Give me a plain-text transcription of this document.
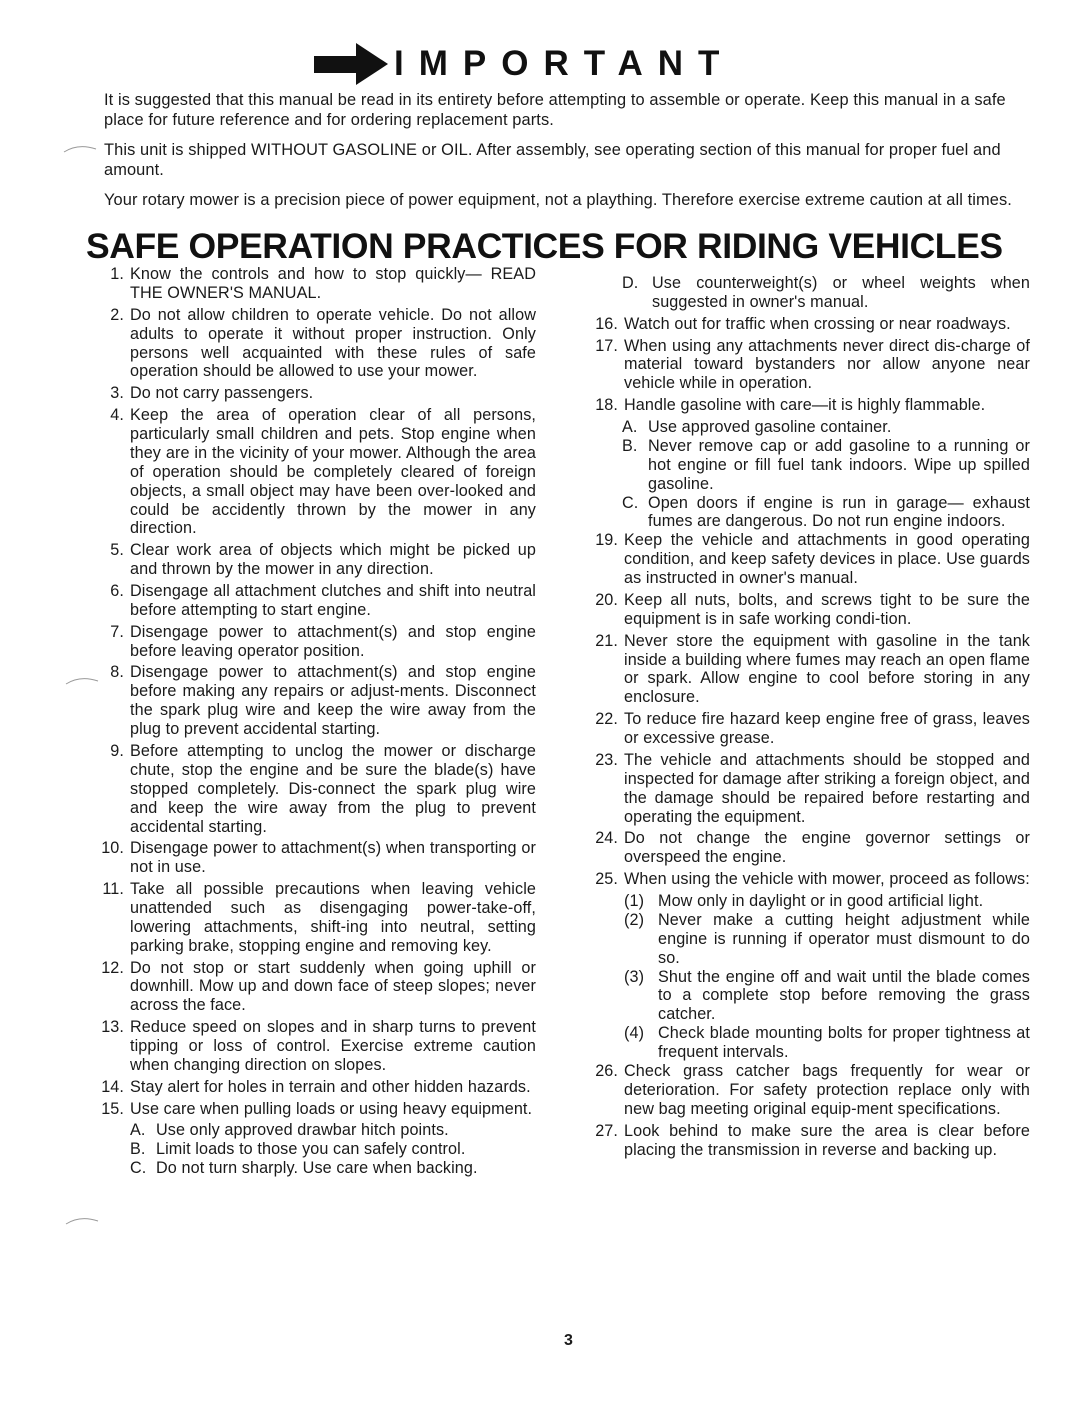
IMPORTANT

It is suggested that this manual be read in its entirety before attempting to assemble or operate. Keep this manual in a safe place for future reference and for ordering replacement parts.

This unit is shipped WITHOUT GASOLINE or OIL. After assembly, see operating section of this manual for proper fuel and amount.

Your rotary mower is a precision piece of power equipment, not a plaything. Therefore exercise extreme caution at all times.

SAFE OPERATION PRACTICES FOR RIDING VEHICLES
1. Know the controls and how to stop quickly— READ THE OWNER'S MANUAL.
2. Do not allow children to operate vehicle. Do not allow adults to operate it without proper instruction. Only persons well acquainted with these rules of safe operation should be allowed to use your mower.
3. Do not carry passengers.
4. Keep the area of operation clear of all persons, particularly small children and pets. Stop engine when they are in the vicinity of your mower. Although the area of operation should be completely cleared of foreign objects, a small object may have been over-looked and could be accidently thrown by the mower in any direction.
5. Clear work area of objects which might be picked up and thrown by the mower in any direction.
6. Disengage all attachment clutches and shift into neutral before attempting to start engine.
7. Disengage power to attachment(s) and stop engine before leaving operator position.
8. Disengage power to attachment(s) and stop engine before making any repairs or adjust-ments. Disconnect the spark plug wire and keep the wire away from the plug to prevent accidental starting.
9. Before attempting to unclog the mower or discharge chute, stop the engine and be sure the blade(s) have stopped completely. Dis-connect the spark plug wire and keep the wire away from the plug to prevent accidental starting.
10. Disengage power to attachment(s) when transporting or not in use.
11. Take all possible precautions when leaving vehicle unattended such as disengaging power-take-off, lowering attachments, shift-ing into neutral, setting parking brake, stopping engine and removing key.
12. Do not stop or start suddenly when going uphill or downhill. Mow up and down face of steep slopes; never across the face.
13. Reduce speed on slopes and in sharp turns to prevent tipping or loss of control. Exercise extreme caution when changing direction on slopes.
14. Stay alert for holes in terrain and other hidden hazards.
15. Use care when pulling loads or using heavy equipment.
A. Use only approved drawbar hitch points.
B. Limit loads to those you can safely control.
C. Do not turn sharply. Use care when backing.
D. Use counterweight(s) or wheel weights when suggested in owner's manual.
16. Watch out for traffic when crossing or near roadways.
17. When using any attachments never direct dis-charge of material toward bystanders nor allow anyone near vehicle while in operation.
18. Handle gasoline with care—it is highly flammable.
A. Use approved gasoline container.
B. Never remove cap or add gasoline to a running or hot engine or fill fuel tank indoors. Wipe up spilled gasoline.
C. Open doors if engine is run in garage— exhaust fumes are dangerous. Do not run engine indoors.
19. Keep the vehicle and attachments in good operating condition, and keep safety devices in place. Use guards as instructed in owner's manual.
20. Keep all nuts, bolts, and screws tight to be sure the equipment is in safe working condi-tion.
21. Never store the equipment with gasoline in the tank inside a building where fumes may reach an open flame or spark. Allow engine to cool before storing in any enclosure.
22. To reduce fire hazard keep engine free of grass, leaves or excessive grease.
23. The vehicle and attachments should be stopped and inspected for damage after striking a foreign object, and the damage should be repaired before restarting and operating the equipment.
24. Do not change the engine governor settings or overspeed the engine.
25. When using the vehicle with mower, proceed as follows:
(1) Mow only in daylight or in good artificial light.
(2) Never make a cutting height adjustment while engine is running if operator must dismount to do so.
(3) Shut the engine off and wait until the blade comes to a complete stop before removing the grass catcher.
(4) Check blade mounting bolts for proper tightness at frequent intervals.
26. Check grass catcher bags frequently for wear or deterioration. For safety protection replace only with new bag meeting original equip-ment specifications.
27. Look behind to make sure the area is clear before placing the transmission in reverse and backing up.
3
